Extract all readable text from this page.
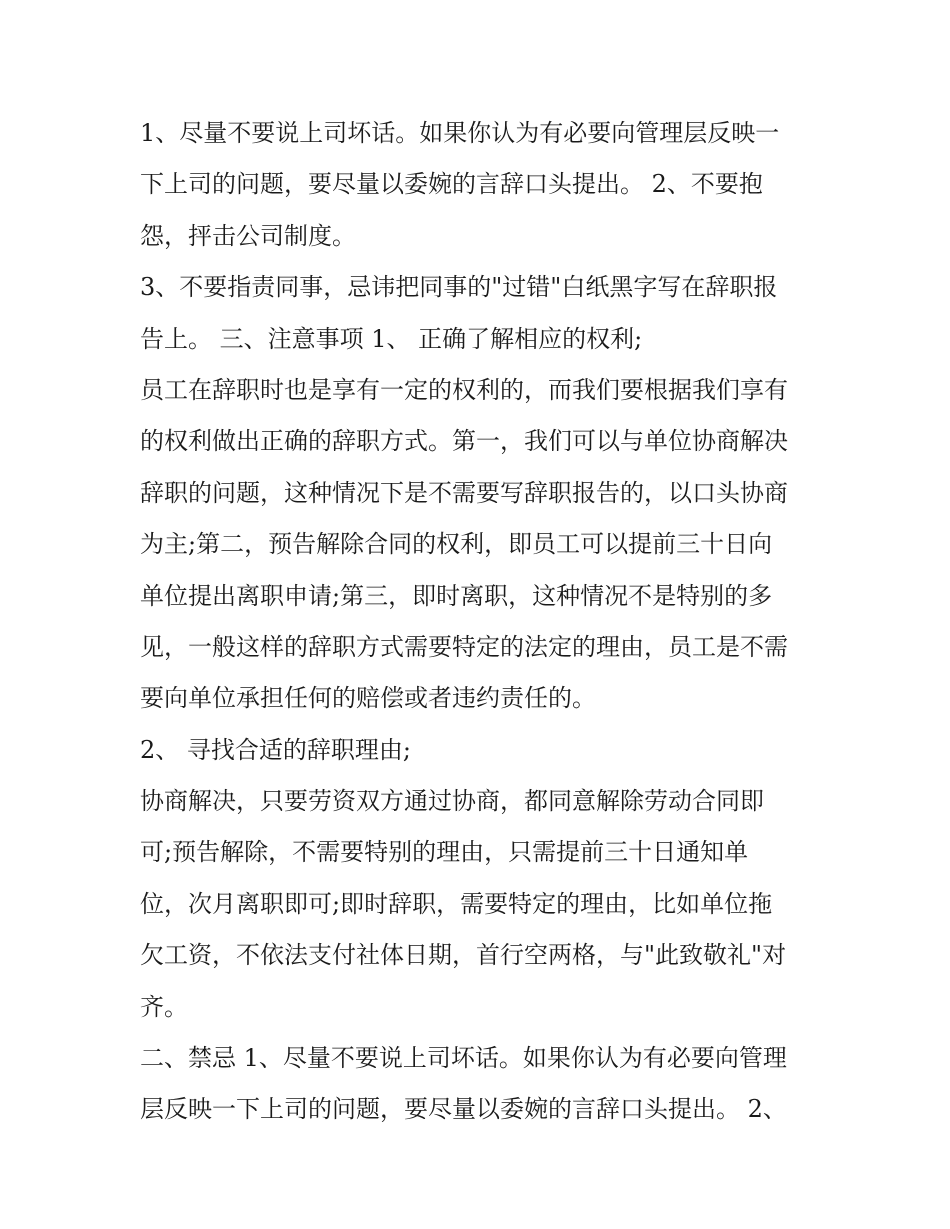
1、尽量不要说上司坏话。如果你认为有必要向管理层反映一
下上司的问题，要尽量以委婉的言辞口头提出。 2、不要抱
怨，抨击公司制度。
3、不要指责同事，忌讳把同事的"过错"白纸黑字写在辞职报
告上。 三、注意事项 1、 正确了解相应的权利;
员工在辞职时也是享有一定的权利的，而我们要根据我们享有
的权利做出正确的辞职方式。第一，我们可以与单位协商解决
辞职的问题，这种情况下是不需要写辞职报告的，以口头协商
为主;第二，预告解除合同的权利，即员工可以提前三十日向
单位提出离职申请;第三，即时离职，这种情况不是特别的多
见，一般这样的辞职方式需要特定的法定的理由，员工是不需
要向单位承担任何的赔偿或者违约责任的。
2、 寻找合适的辞职理由;
协商解决，只要劳资双方通过协商，都同意解除劳动合同即
可;预告解除，不需要特别的理由，只需提前三十日通知单
位，次月离职即可;即时辞职，需要特定的理由，比如单位拖
欠工资，不依法支付社体日期，首行空两格，与"此致敬礼"对
齐。
二、禁忌 1、尽量不要说上司坏话。如果你认为有必要向管理
层反映一下上司的问题，要尽量以委婉的言辞口头提出。 2、
